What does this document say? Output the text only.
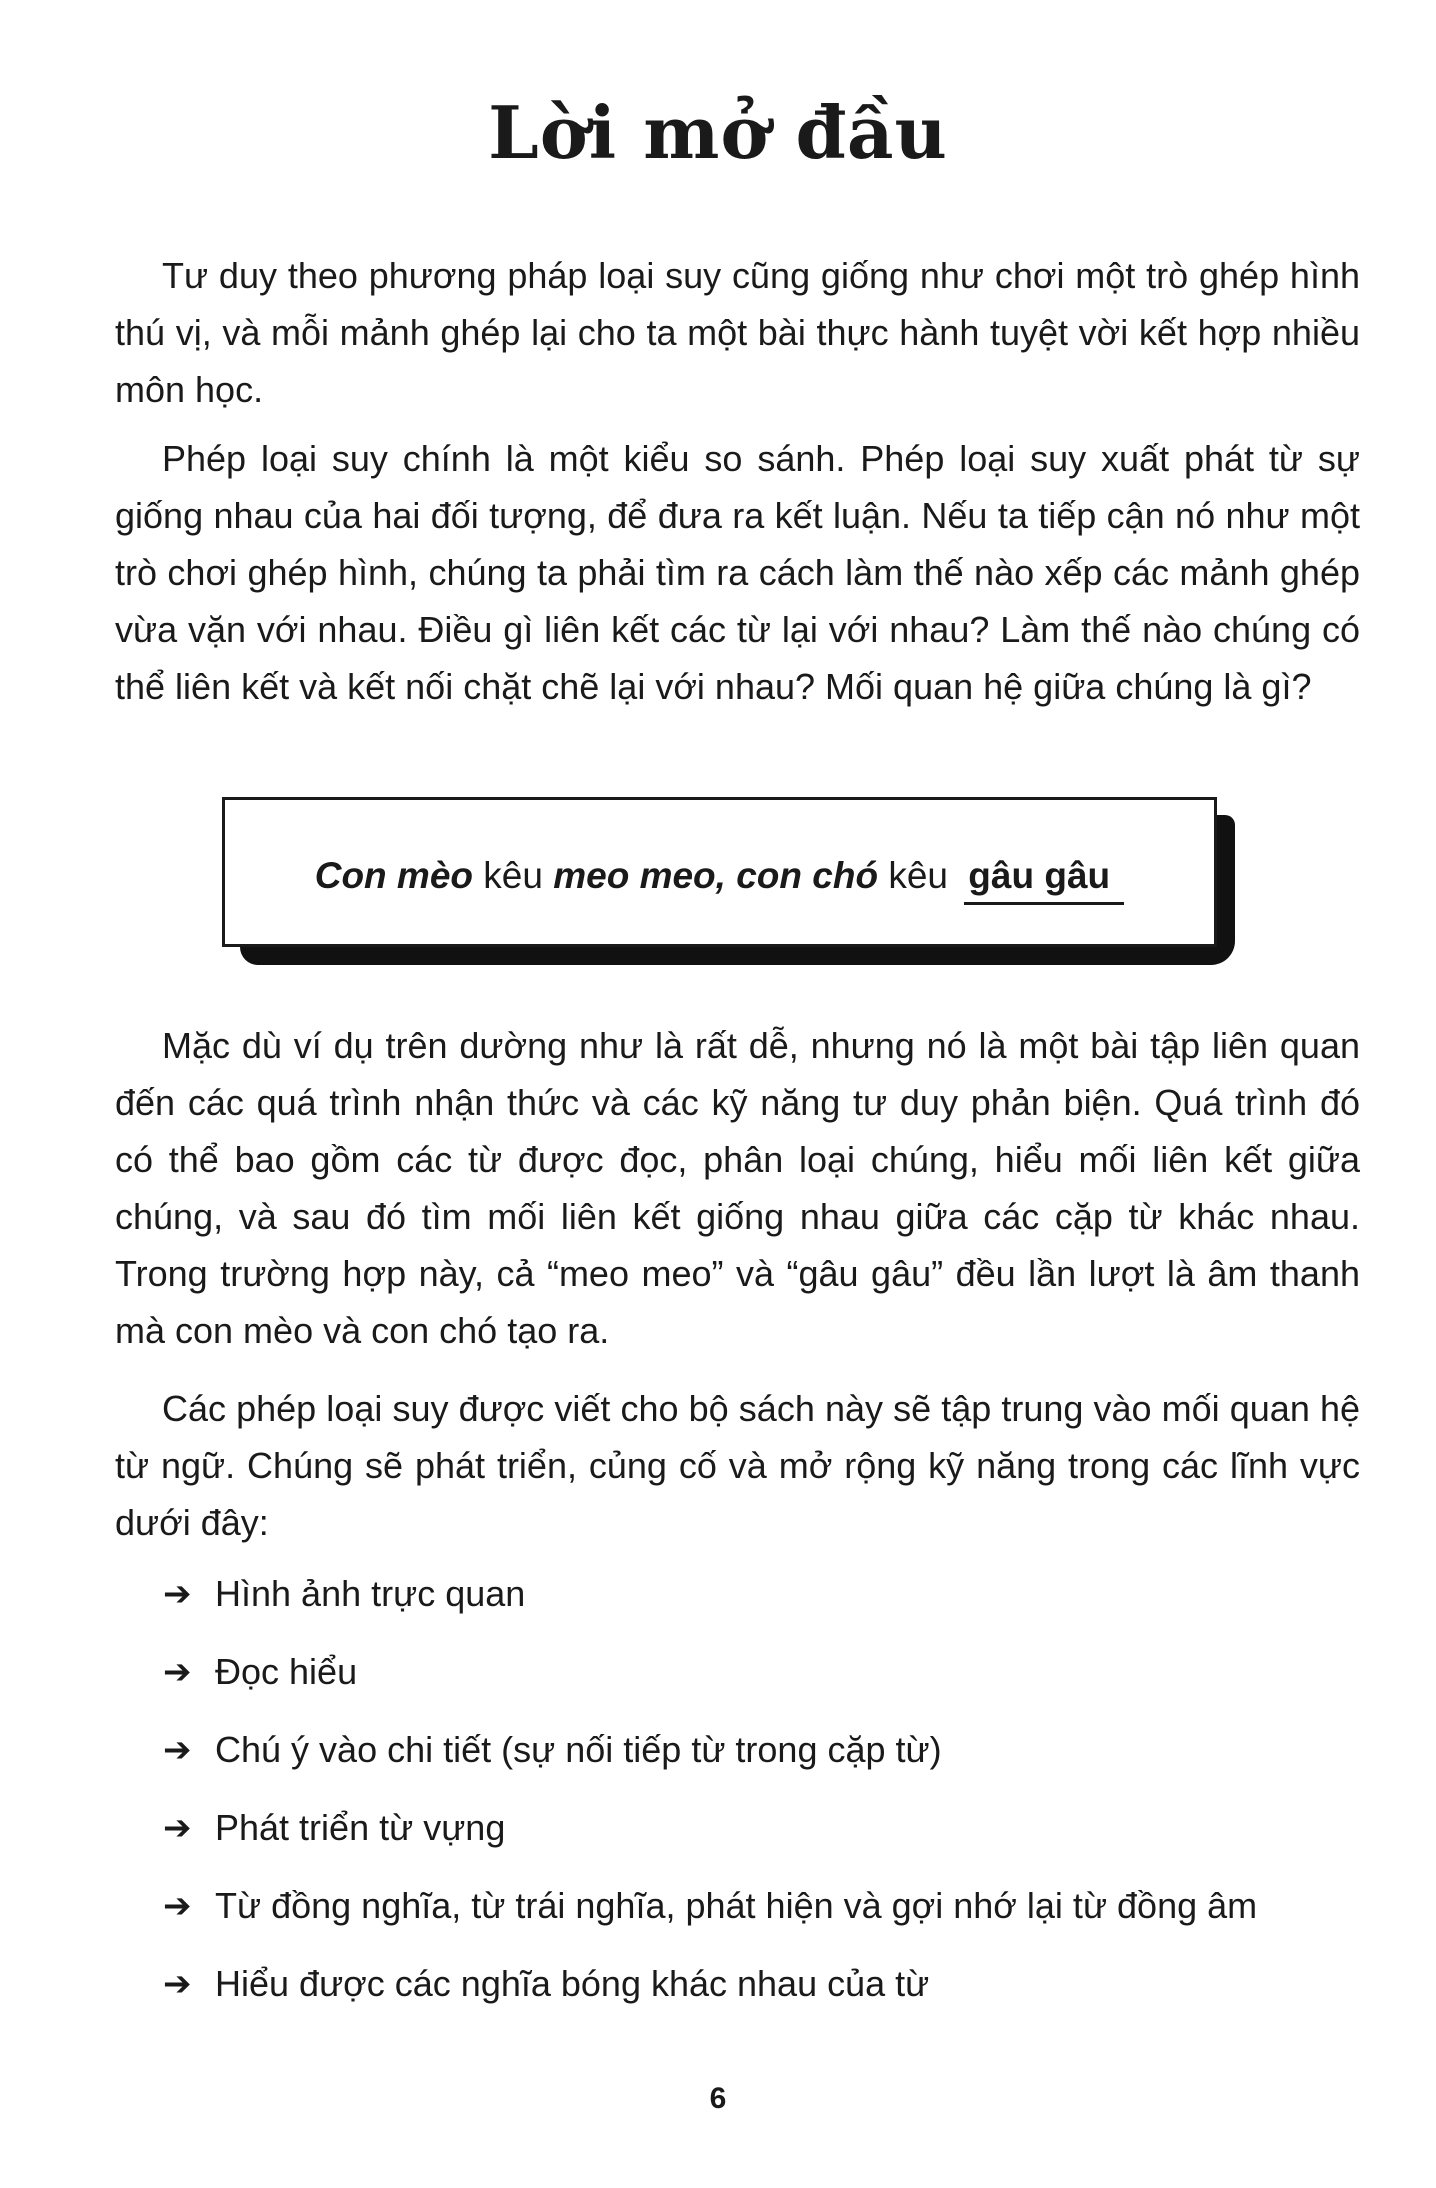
Lời mở đầu

Tư duy theo phương pháp loại suy cũng giống như chơi một trò ghép hình thú vị, và mỗi mảnh ghép lại cho ta một bài thực hành tuyệt vời kết hợp nhiều môn học.

Phép loại suy chính là một kiểu so sánh. Phép loại suy xuất phát từ sự giống nhau của hai đối tượng, để đưa ra kết luận. Nếu ta tiếp cận nó như một trò chơi ghép hình, chúng ta phải tìm ra cách làm thế nào xếp các mảnh ghép vừa vặn với nhau. Điều gì liên kết các từ lại với nhau? Làm thế nào chúng có thể liên kết và kết nối chặt chẽ lại với nhau? Mối quan hệ giữa chúng là gì?

Con mèo kêu meo meo, con chó kêu gâu gâu

Mặc dù ví dụ trên dường như là rất dễ, nhưng nó là một bài tập liên quan đến các quá trình nhận thức và các kỹ năng tư duy phản biện. Quá trình đó có thể bao gồm các từ được đọc, phân loại chúng, hiểu mối liên kết giữa chúng, và sau đó tìm mối liên kết giống nhau giữa các cặp từ khác nhau. Trong trường hợp này, cả “meo meo” và “gâu gâu” đều lần lượt là âm thanh mà con mèo và con chó tạo ra.

Các phép loại suy được viết cho bộ sách này sẽ tập trung vào mối quan hệ từ ngữ. Chúng sẽ phát triển, củng cố và mở rộng kỹ năng trong các lĩnh vực dưới đây:

➔ Hình ảnh trực quan
➔ Đọc hiểu
➔ Chú ý vào chi tiết (sự nối tiếp từ trong cặp từ)
➔ Phát triển từ vựng
➔ Từ đồng nghĩa, từ trái nghĩa, phát hiện và gợi nhớ lại từ đồng âm
➔ Hiểu được các nghĩa bóng khác nhau của từ
6
